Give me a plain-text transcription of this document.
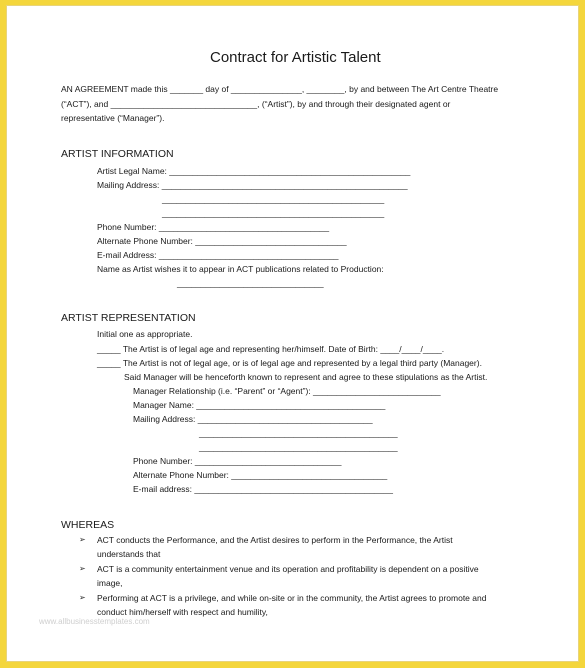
Contract for Artistic Talent
AN AGREEMENT made this _______ day of _______________, ________, by and between The Art Centre Theatre
(“ACT”), and _______________________________, (“Artist”), by and through their designated agent or
representative (“Manager”).
ARTIST INFORMATION
Artist Legal Name: ___________________________________________________
Mailing Address: ____________________________________________________
_______________________________________________
_______________________________________________
Phone Number: ____________________________________
Alternate Phone Number: ________________________________
E-mail Address: ______________________________________
Name as Artist wishes it to appear in ACT publications related to Production:
_______________________________
ARTIST REPRESENTATION
Initial one as appropriate.
_____ The Artist is of legal age and representing her/himself. Date of Birth: ____/____/____.
_____ The Artist is not of legal age, or is of legal age and represented by a legal third party (Manager).
Said Manager will be henceforth known to represent and agree to these stipulations as the Artist.
Manager Relationship (i.e. “Parent” or “Agent”): ___________________________
Manager Name: ________________________________________
Mailing Address: _____________________________________
__________________________________________
__________________________________________
Phone Number: _______________________________
Alternate Phone Number: _________________________________
E-mail address: __________________________________________
WHEREAS
➢ ACT conducts the Performance, and the Artist desires to perform in the Performance, the Artist
understands that
➢ ACT is a community entertainment venue and its operation and profitability is dependent on a positive
image,
➢ Performing at ACT is a privilege, and while on-site or in the community, the Artist agrees to promote and
conduct him/herself with respect and humility,
www.allbusinesstemplates.com
